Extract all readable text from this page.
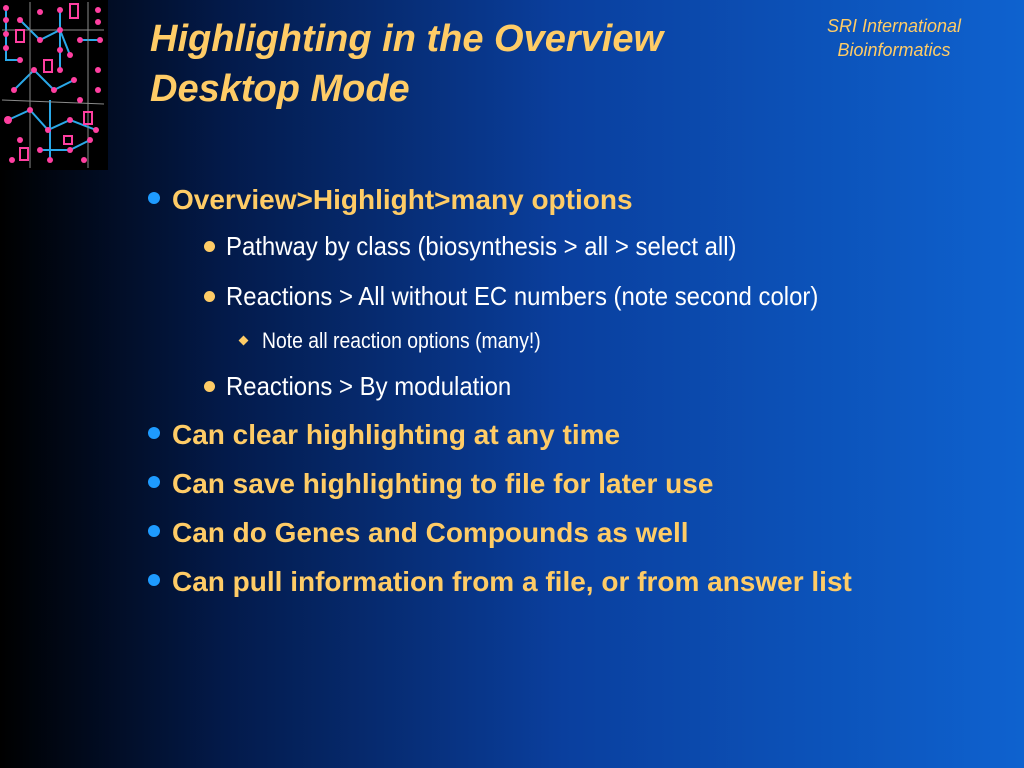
Highlighting in the Overview
Desktop Mode
SRI International
Bioinformatics
Overview>Highlight>many options
Pathway by class (biosynthesis > all > select all)
Reactions > All without EC numbers (note second color)
Note all reaction options (many!)
Reactions > By modulation
Can clear highlighting at any time
Can save highlighting to file for later use
Can do Genes and Compounds as well
Can pull information from a file, or from answer list
